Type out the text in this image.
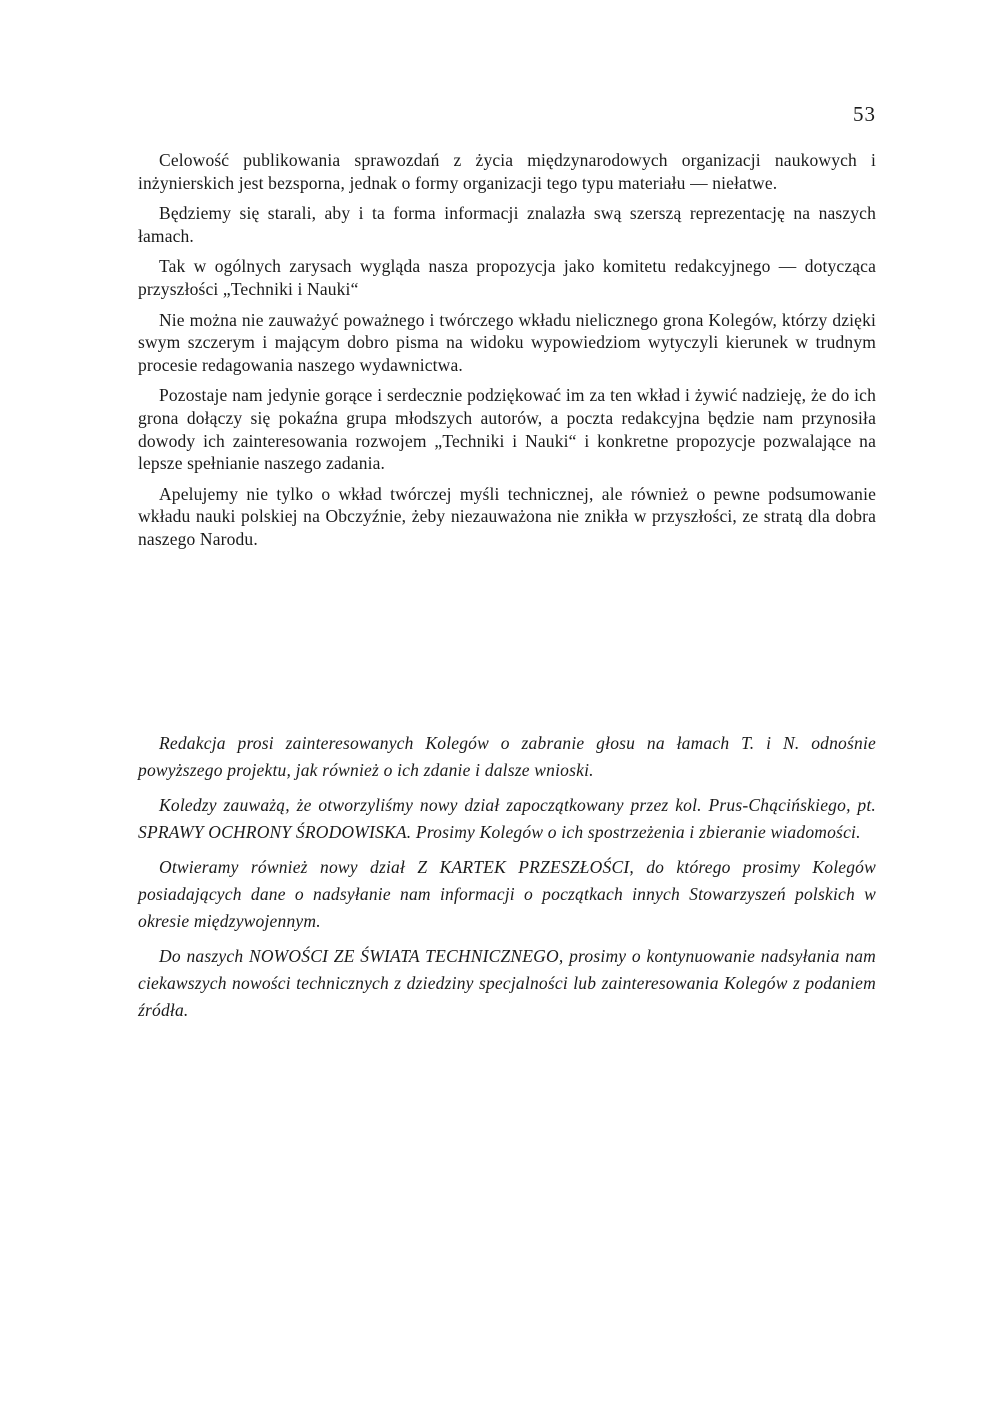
53

Celowość publikowania sprawozdań z życia międzynarodowych organizacji naukowych i inżynierskich jest bezsporna, jednak o formy organizacji tego typu materiału — niełatwe.

Będziemy się starali, aby i ta forma informacji znalazła swą szerszą reprezentację na naszych łamach.

Tak w ogólnych zarysach wygląda nasza propozycja jako komitetu redakcyjnego — dotycząca przyszłości „Techniki i Nauki“

Nie można nie zauważyć poważnego i twórczego wkładu nielicznego grona Kolegów, którzy dzięki swym szczerym i mającym dobro pisma na widoku wypowiedziom wytyczyli kierunek w trudnym procesie redagowania naszego wydawnictwa.

Pozostaje nam jedynie gorące i serdecznie podziękować im za ten wkład i żywić nadzieję, że do ich grona dołączy się pokaźna grupa młodszych autorów, a poczta redakcyjna będzie nam przynosiła dowody ich zainteresowania rozwojem „Techniki i Nauki“ i konkretne propozycje pozwalające na lepsze spełnianie naszego zadania.

Apelujemy nie tylko o wkład twórczej myśli technicznej, ale również o pewne podsumowanie wkładu nauki polskiej na Obczyźnie, żeby niezauważona nie znikła w przyszłości, ze stratą dla dobra naszego Narodu.

Redakcja prosi zainteresowanych Kolegów o zabranie głosu na łamach T. i N. odnośnie powyższego projektu, jak również o ich zdanie i dalsze wnioski.

Koledzy zauważą, że otworzyliśmy nowy dział zapoczątkowany przez kol. Prus-Chącińskiego, pt. SPRAWY OCHRONY ŚRODOWISKA. Prosimy Kolegów o ich spostrzeżenia i zbieranie wiadomości.

Otwieramy również nowy dział Z KARTEK PRZESZŁOŚCI, do którego prosimy Kolegów posiadających dane o nadsyłanie nam informacji o początkach innych Stowarzyszeń polskich w okresie międzywojennym.

Do naszych NOWOŚCI ZE ŚWIATA TECHNICZNEGO, prosimy o kontynuowanie nadsyłania nam ciekawszych nowości technicznych z dziedziny specjalności lub zainteresowania Kolegów z podaniem źródła.
